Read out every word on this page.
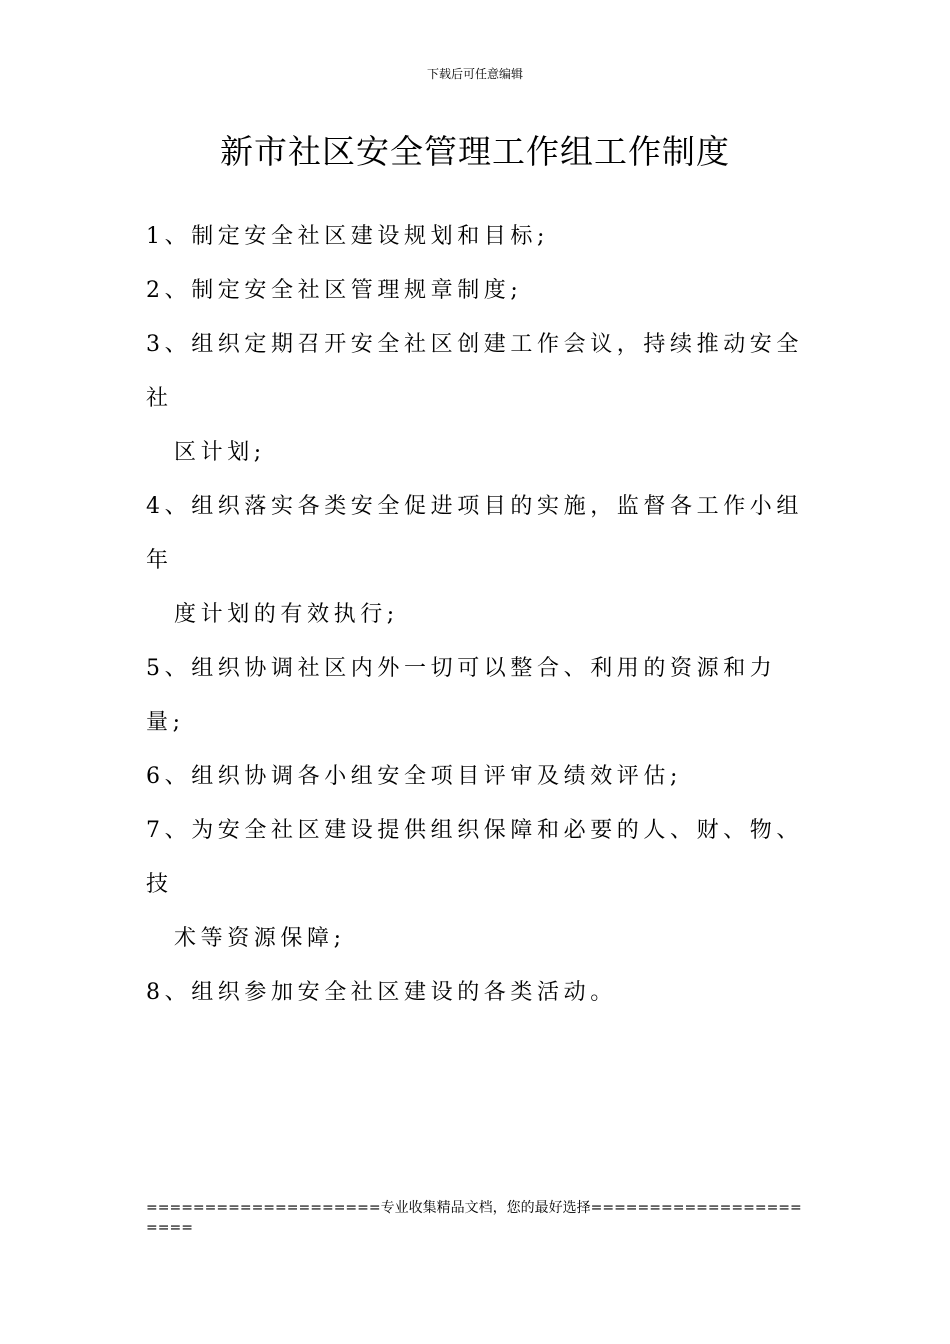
下载后可任意编辑
新市社区安全管理工作组工作制度
1、制定安全社区建设规划和目标;
2、制定安全社区管理规章制度;
3、组织定期召开安全社区创建工作会议，持续推动安全社
区计划;
4、组织落实各类安全促进项目的实施，监督各工作小组年
度计划的有效执行;
5、组织协调社区内外一切可以整合、利用的资源和力量;
6、组织协调各小组安全项目评审及绩效评估;
7、为安全社区建设提供组织保障和必要的人、财、物、技
术等资源保障;
8、组织参加安全社区建设的各类活动。
====================专业收集精品文档，您的最好选择======================
